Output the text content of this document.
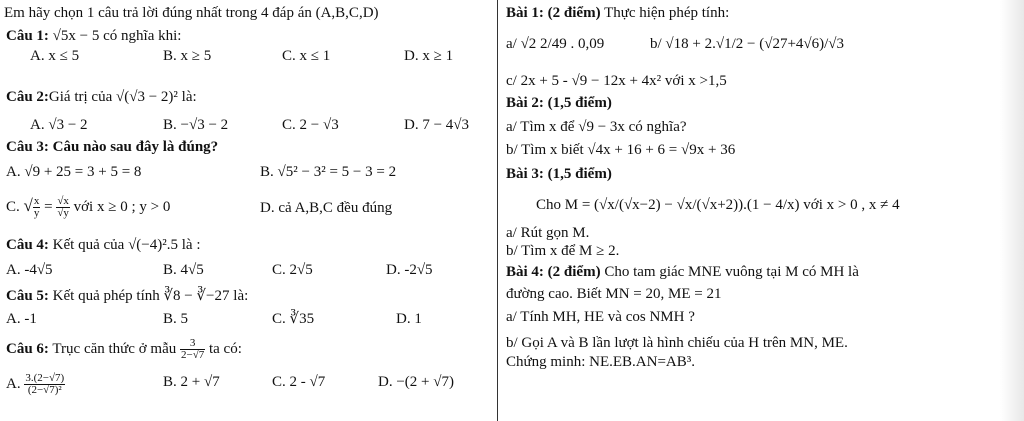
Em hãy chọn 1 câu trả lời đúng nhất trong 4 đáp án (A,B,C,D)
Câu 1: √5x − 5 có nghĩa khi:
A. x ≤ 5	B. x ≥ 5	C. x ≤ 1	D. x ≥ 1
Câu 2:Giá trị của √(√3 − 2)² là:
A. √3 − 2	B. −√3 − 2	C. 2 − √3	D. 7 − 4√3
Câu 3: Câu nào sau đây là đúng?
A. √9 + 25 = 3 + 5 = 8	B. √5² − 3² = 5 − 3 = 2
C. √ $\frac{x}{y} = \frac{√x}{√y}$ với x ≥ 0 ; y > 0	D. cả A,B,C đều đúng
Câu 4: Kết quả của √(−4)².5 là :
A. -4√5	B. 4√5	C. 2√5	D. -2√5
Câu 5: Kết quả phép tính ∛8 − ∛−27 là:
A. -1	B. 5	C. ∛35	D. 1
Câu 6: Trục căn thức ở mẫu $\frac{3}{2-√7}$ ta có:
A. $\frac{3.(2-√7)}{\text{(2−√7)²}}$	B. 2 + √7	C. 2 - √7	D. −(2 + √7)
Bài 1: (2 điểm) Thực hiện phép tính:
a/ √2 2/49 . 0,09	b/ √18 + 2.√1/2 − (√27+4√6)/√3
c/ 2x + 5 - √9 − 12x + 4x² với x >1,5
Bài 2: (1,5 điểm)
a/ Tìm x để √9 − 3x có nghĩa?
b/ Tìm x biết √4x + 16 + 6 = √9x + 36
Bài 3: (1,5 điểm)
Cho M = (√x/(√x−2) − √x/(√x+2)).(1 − 4/x) với x > 0 , x ≠ 4
a/ Rút gọn M.
b/ Tìm x để M ≥ 2.
Bài 4: (2 điểm) Cho tam giác MNE vuông tại M có MH là
đường cao. Biết MN = 20, ME = 21
a/ Tính MH, HE và cos NMH ?
b/ Gọi A và B lần lượt là hình chiếu của H trên MN, ME.
Chứng minh: NE.EB.AN=AB³.
